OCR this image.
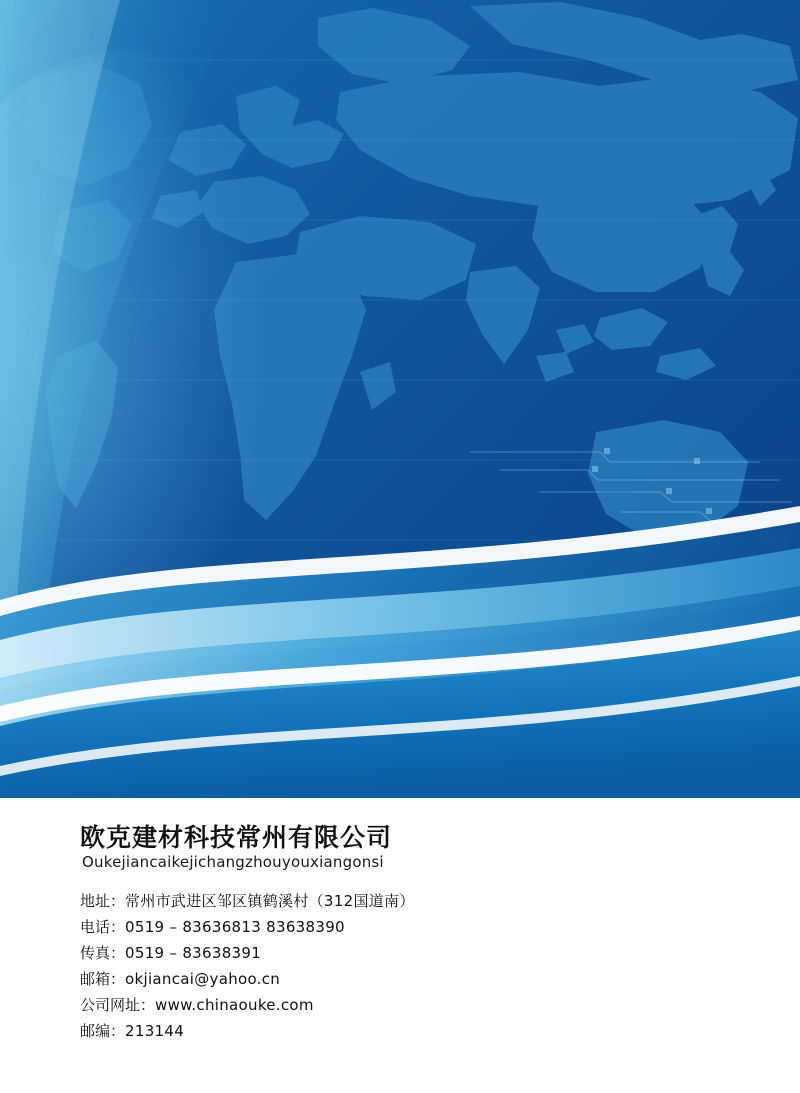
欧克建材科技常州有限公司
Oukejiancaikejichangzhouyouxiangonsi
地址：常州市武进区邹区镇鹤溪村（312国道南）
电话：0519 – 83636813 83638390
传真：0519 – 83638391
邮箱：okjiancai@yahoo.cn
公司网址：www.chinaouke.com
邮编：213144
